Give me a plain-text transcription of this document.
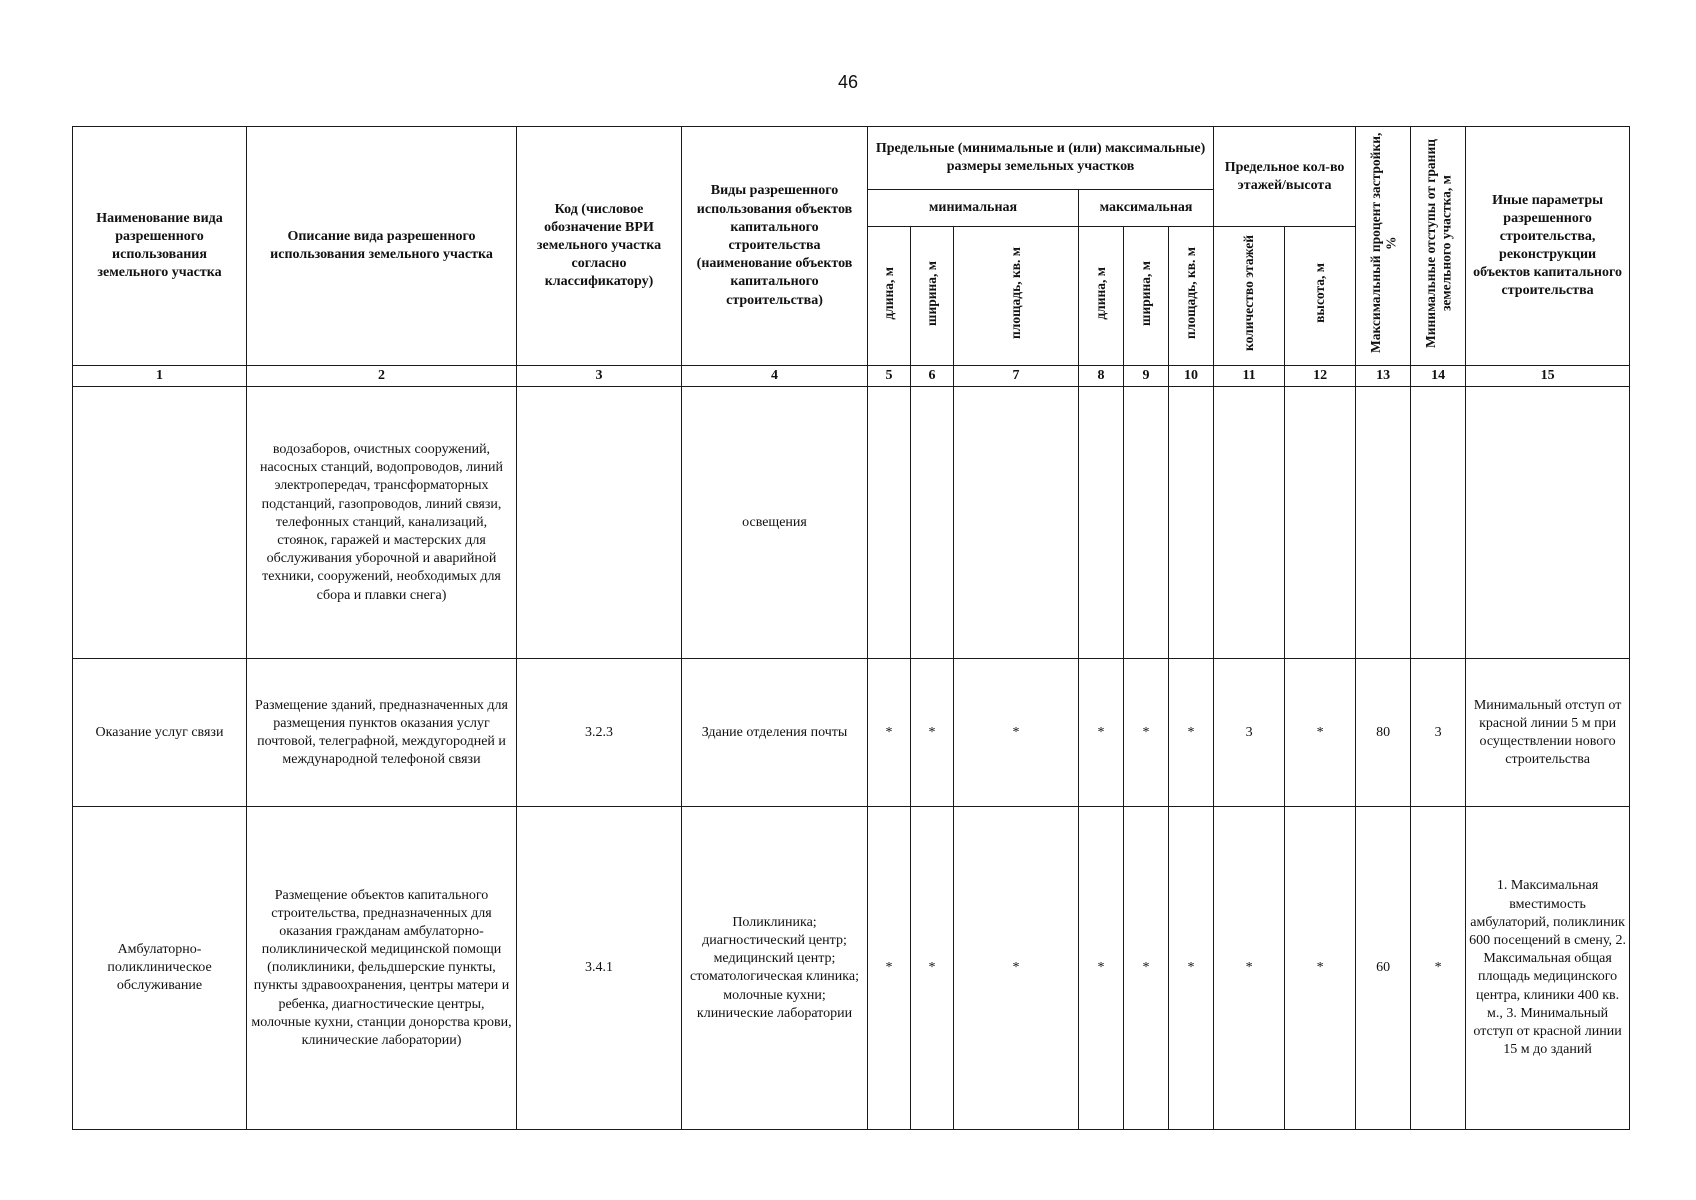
46
Наименование вида разрешенного использования земельного участка	Описание вида разрешенного использования земельного участка	Код (числовое обозначение ВРИ земельного участка согласно классификатору)	Виды разрешенного использования объектов капитального строительства (наименование объектов капитального строительства)	Предельные (минимальные и (или) максимальные) размеры земельных участков						Предельное кол-во этажей/высота		Максимальный процент застройки, %	Минимальные отступы от границ земельного участка, м	Иные параметры разрешенного строительства, реконструкции объектов капитального строительства
				минимальная			максимальная							
				длина, м	ширина, м	площадь, кв. м	длина, м	ширина, м	площадь, кв. м	количество этажей	высота, м			
1	2	3	4	5	6	7	8	9	10	11	12	13	14	15
	водозаборов, очистных сооружений, насосных станций, водопроводов, линий электропередач, трансформаторных подстанций, газопроводов, линий связи, телефонных станций, канализаций, стоянок, гаражей и мастерских для обслуживания уборочной и аварийной техники, сооружений, необходимых для сбора и плавки снега)		освещения											
Оказание услуг связи	Размещение зданий, предназначенных для размещения пунктов оказания услуг почтовой, телеграфной, междугородней и международной телефоной связи	3.2.3	Здание отделения почты	*	*	*	*	*	*	3	*	80	3	Минимальный отступ от красной линии 5 м при осуществлении нового строительства
Амбулаторно-поликлиническое обслуживание	Размещение объектов капитального строительства, предназначенных для оказания гражданам амбулаторно-поликлинической медицинской помощи (поликлиники, фельдшерские пункты, пункты здравоохранения, центры матери и ребенка, диагностические центры, молочные кухни, станции донорства крови, клинические лаборатории)	3.4.1	Поликлиника; диагностический центр; медицинский центр; стоматологическая клиника; молочные кухни; клинические лаборатории	*	*	*	*	*	*	*	*	60	*	1. Максимальная вместимость амбулаторий, поликлиник 600 посещений в смену, 2. Максимальная общая площадь медицинского центра, клиники 400 кв. м., 3. Минимальный отступ от красной линии 15 м до зданий
